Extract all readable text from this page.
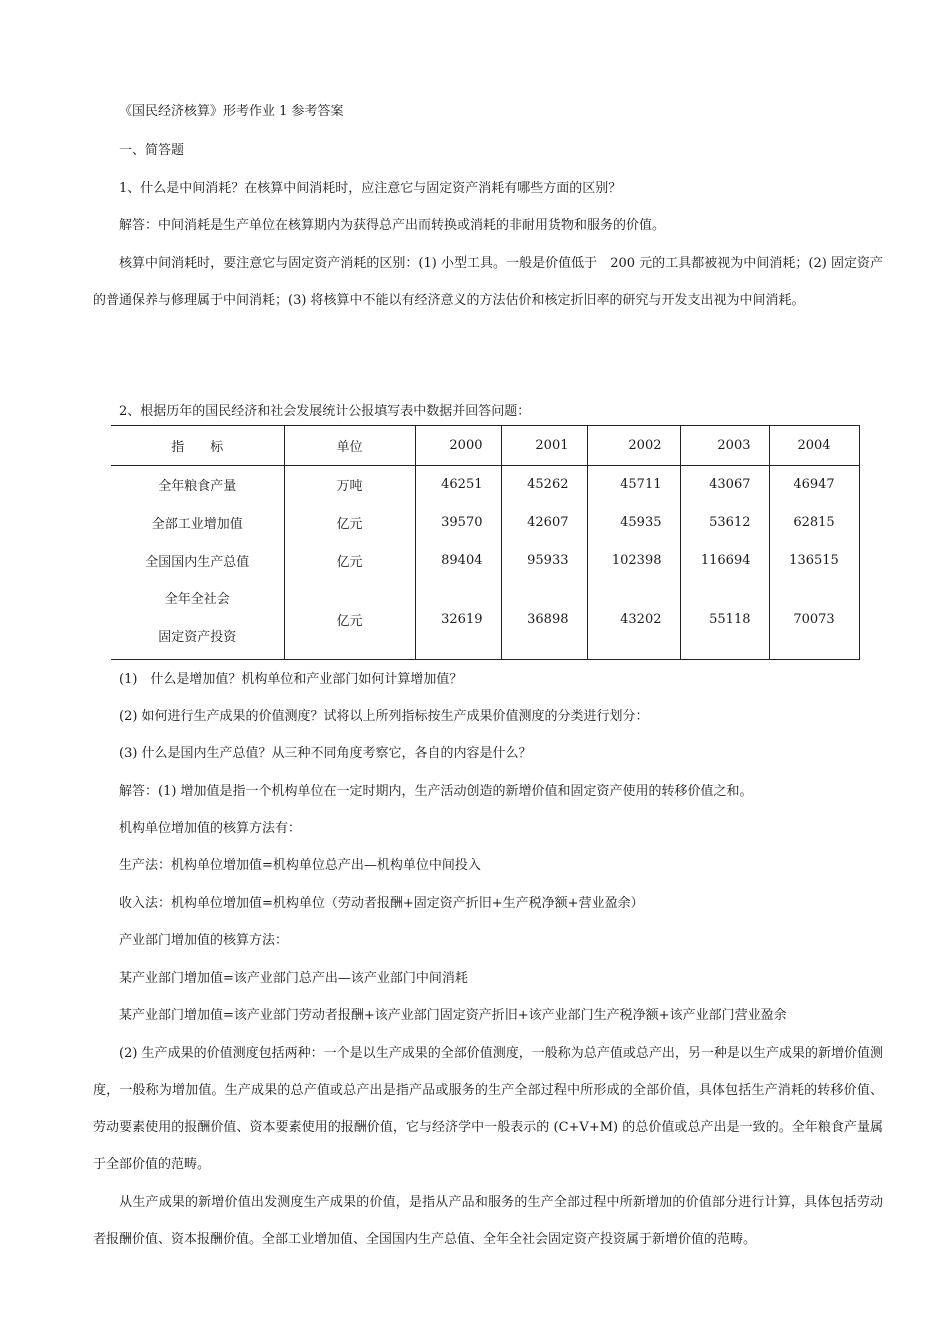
《国民经济核算》形考作业 1 参考答案
一、简答题
1、什么是中间消耗？在核算中间消耗时，应注意它与固定资产消耗有哪些方面的区别？
解答：中间消耗是生产单位在核算期内为获得总产出而转换或消耗的非耐用货物和服务的价值。
核算中间消耗时，要注意它与固定资产消耗的区别：(1) 小型工具。一般是价值低于　200 元的工具都被视为中间消耗；(2) 固定资产的普通保养与修理属于中间消耗；(3) 将核算中不能以有经济意义的方法估价和核定折旧率的研究与开发支出视为中间消耗。
2、根据历年的国民经济和社会发展统计公报填写表中数据并回答问题：
指　　标	单位	2000	2001	2002	2003	2004
全年粮食产量	万吨	46251	45262	45711	43067	46947
全部工业增加值	亿元	39570	42607	45935	53612	62815
全国国内生产总值	亿元	89404	95933	102398	116694	136515

全年全社会
固定资产投资	亿元	32619	36898	43202	55118	70073
(1)　什么是增加值？机构单位和产业部门如何计算增加值？
(2) 如何进行生产成果的价值测度？试将以上所列指标按生产成果价值测度的分类进行划分：
(3) 什么是国内生产总值？从三种不同角度考察它，各自的内容是什么？
解答：(1) 增加值是指一个机构单位在一定时期内，生产活动创造的新增价值和固定资产使用的转移价值之和。
机构单位增加值的核算方法有：
生产法：机构单位增加值=机构单位总产出—机构单位中间投入
收入法：机构单位增加值=机构单位（劳动者报酬+固定资产折旧+生产税净额+营业盈余）
产业部门增加值的核算方法：
某产业部门增加值=该产业部门总产出—该产业部门中间消耗
某产业部门增加值=该产业部门劳动者报酬+该产业部门固定资产折旧+该产业部门生产税净额+该产业部门营业盈余
(2) 生产成果的价值测度包括两种：一个是以生产成果的全部价值测度，一般称为总产值或总产出，另一种是以生产成果的新增价值测度，一般称为增加值。生产成果的总产值或总产出是指产品或服务的生产全部过程中所形成的全部价值，具体包括生产消耗的转移价值、劳动要素使用的报酬价值、资本要素使用的报酬价值，它与经济学中一般表示的 (C+V+M) 的总价值或总产出是一致的。全年粮食产量属于全部价值的范畴。
从生产成果的新增价值出发测度生产成果的价值，是指从产品和服务的生产全部过程中所新增加的价值部分进行计算，具体包括劳动者报酬价值、资本报酬价值。全部工业增加值、全国国内生产总值、全年全社会固定资产投资属于新增价值的范畴。
